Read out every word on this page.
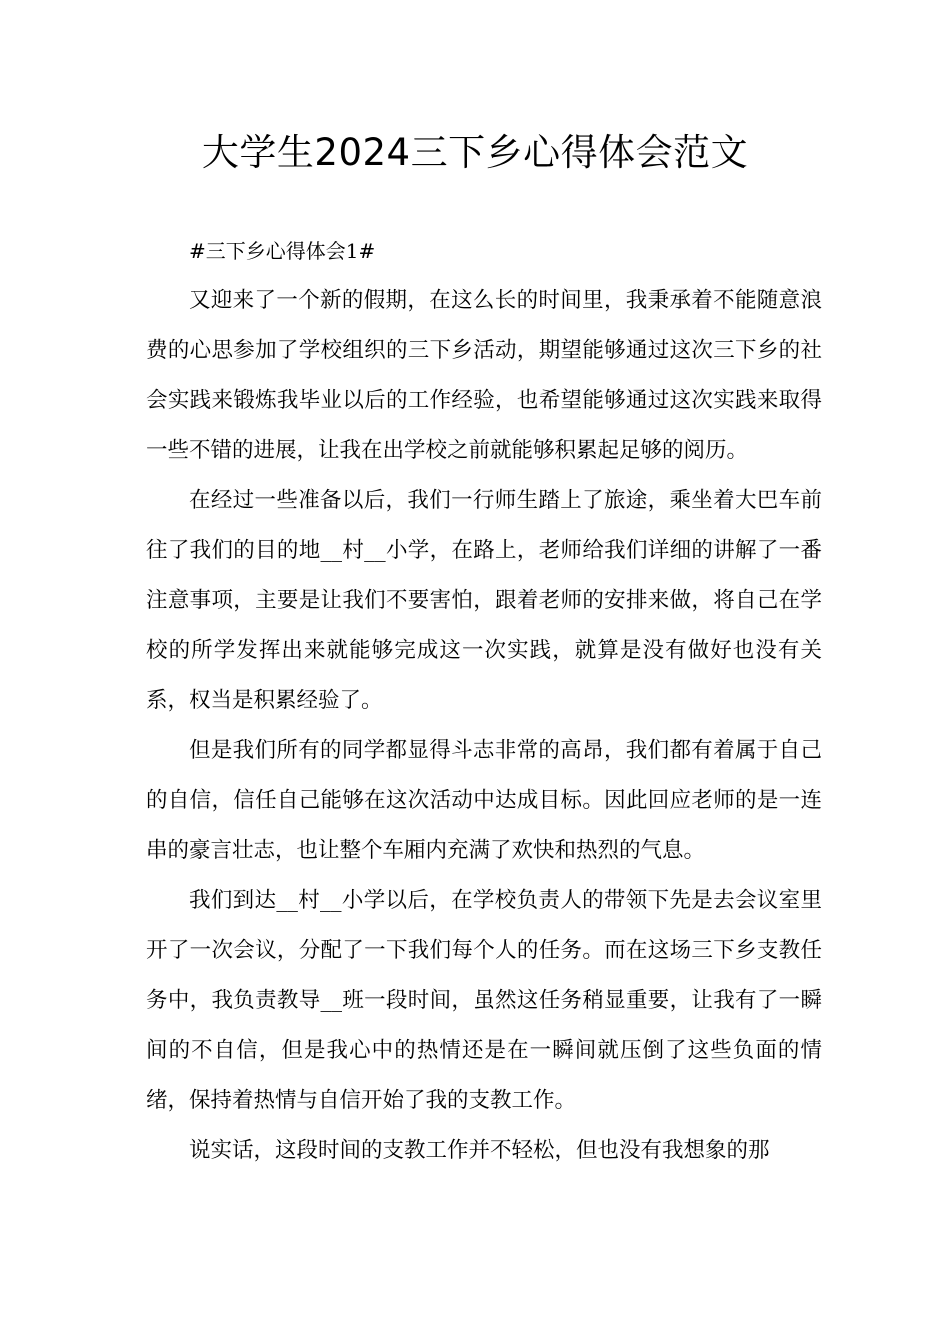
大学生2024三下乡心得体会范文

#三下乡心得体会1#

又迎来了一个新的假期，在这么长的时间里，我秉承着不能随意浪费的心思参加了学校组织的三下乡活动，期望能够通过这次三下乡的社会实践来锻炼我毕业以后的工作经验，也希望能够通过这次实践来取得一些不错的进展，让我在出学校之前就能够积累起足够的阅历。

在经过一些准备以后，我们一行师生踏上了旅途，乘坐着大巴车前往了我们的目的地__村__小学，在路上，老师给我们详细的讲解了一番注意事项，主要是让我们不要害怕，跟着老师的安排来做，将自己在学校的所学发挥出来就能够完成这一次实践，就算是没有做好也没有关系，权当是积累经验了。

但是我们所有的同学都显得斗志非常的高昂，我们都有着属于自己的自信，信任自己能够在这次活动中达成目标。因此回应老师的是一连串的豪言壮志，也让整个车厢内充满了欢快和热烈的气息。

我们到达__村__小学以后，在学校负责人的带领下先是去会议室里开了一次会议，分配了一下我们每个人的任务。而在这场三下乡支教任务中，我负责教导__班一段时间，虽然这任务稍显重要，让我有了一瞬间的不自信，但是我心中的热情还是在一瞬间就压倒了这些负面的情绪，保持着热情与自信开始了我的支教工作。

说实话，这段时间的支教工作并不轻松，但也没有我想象的那
